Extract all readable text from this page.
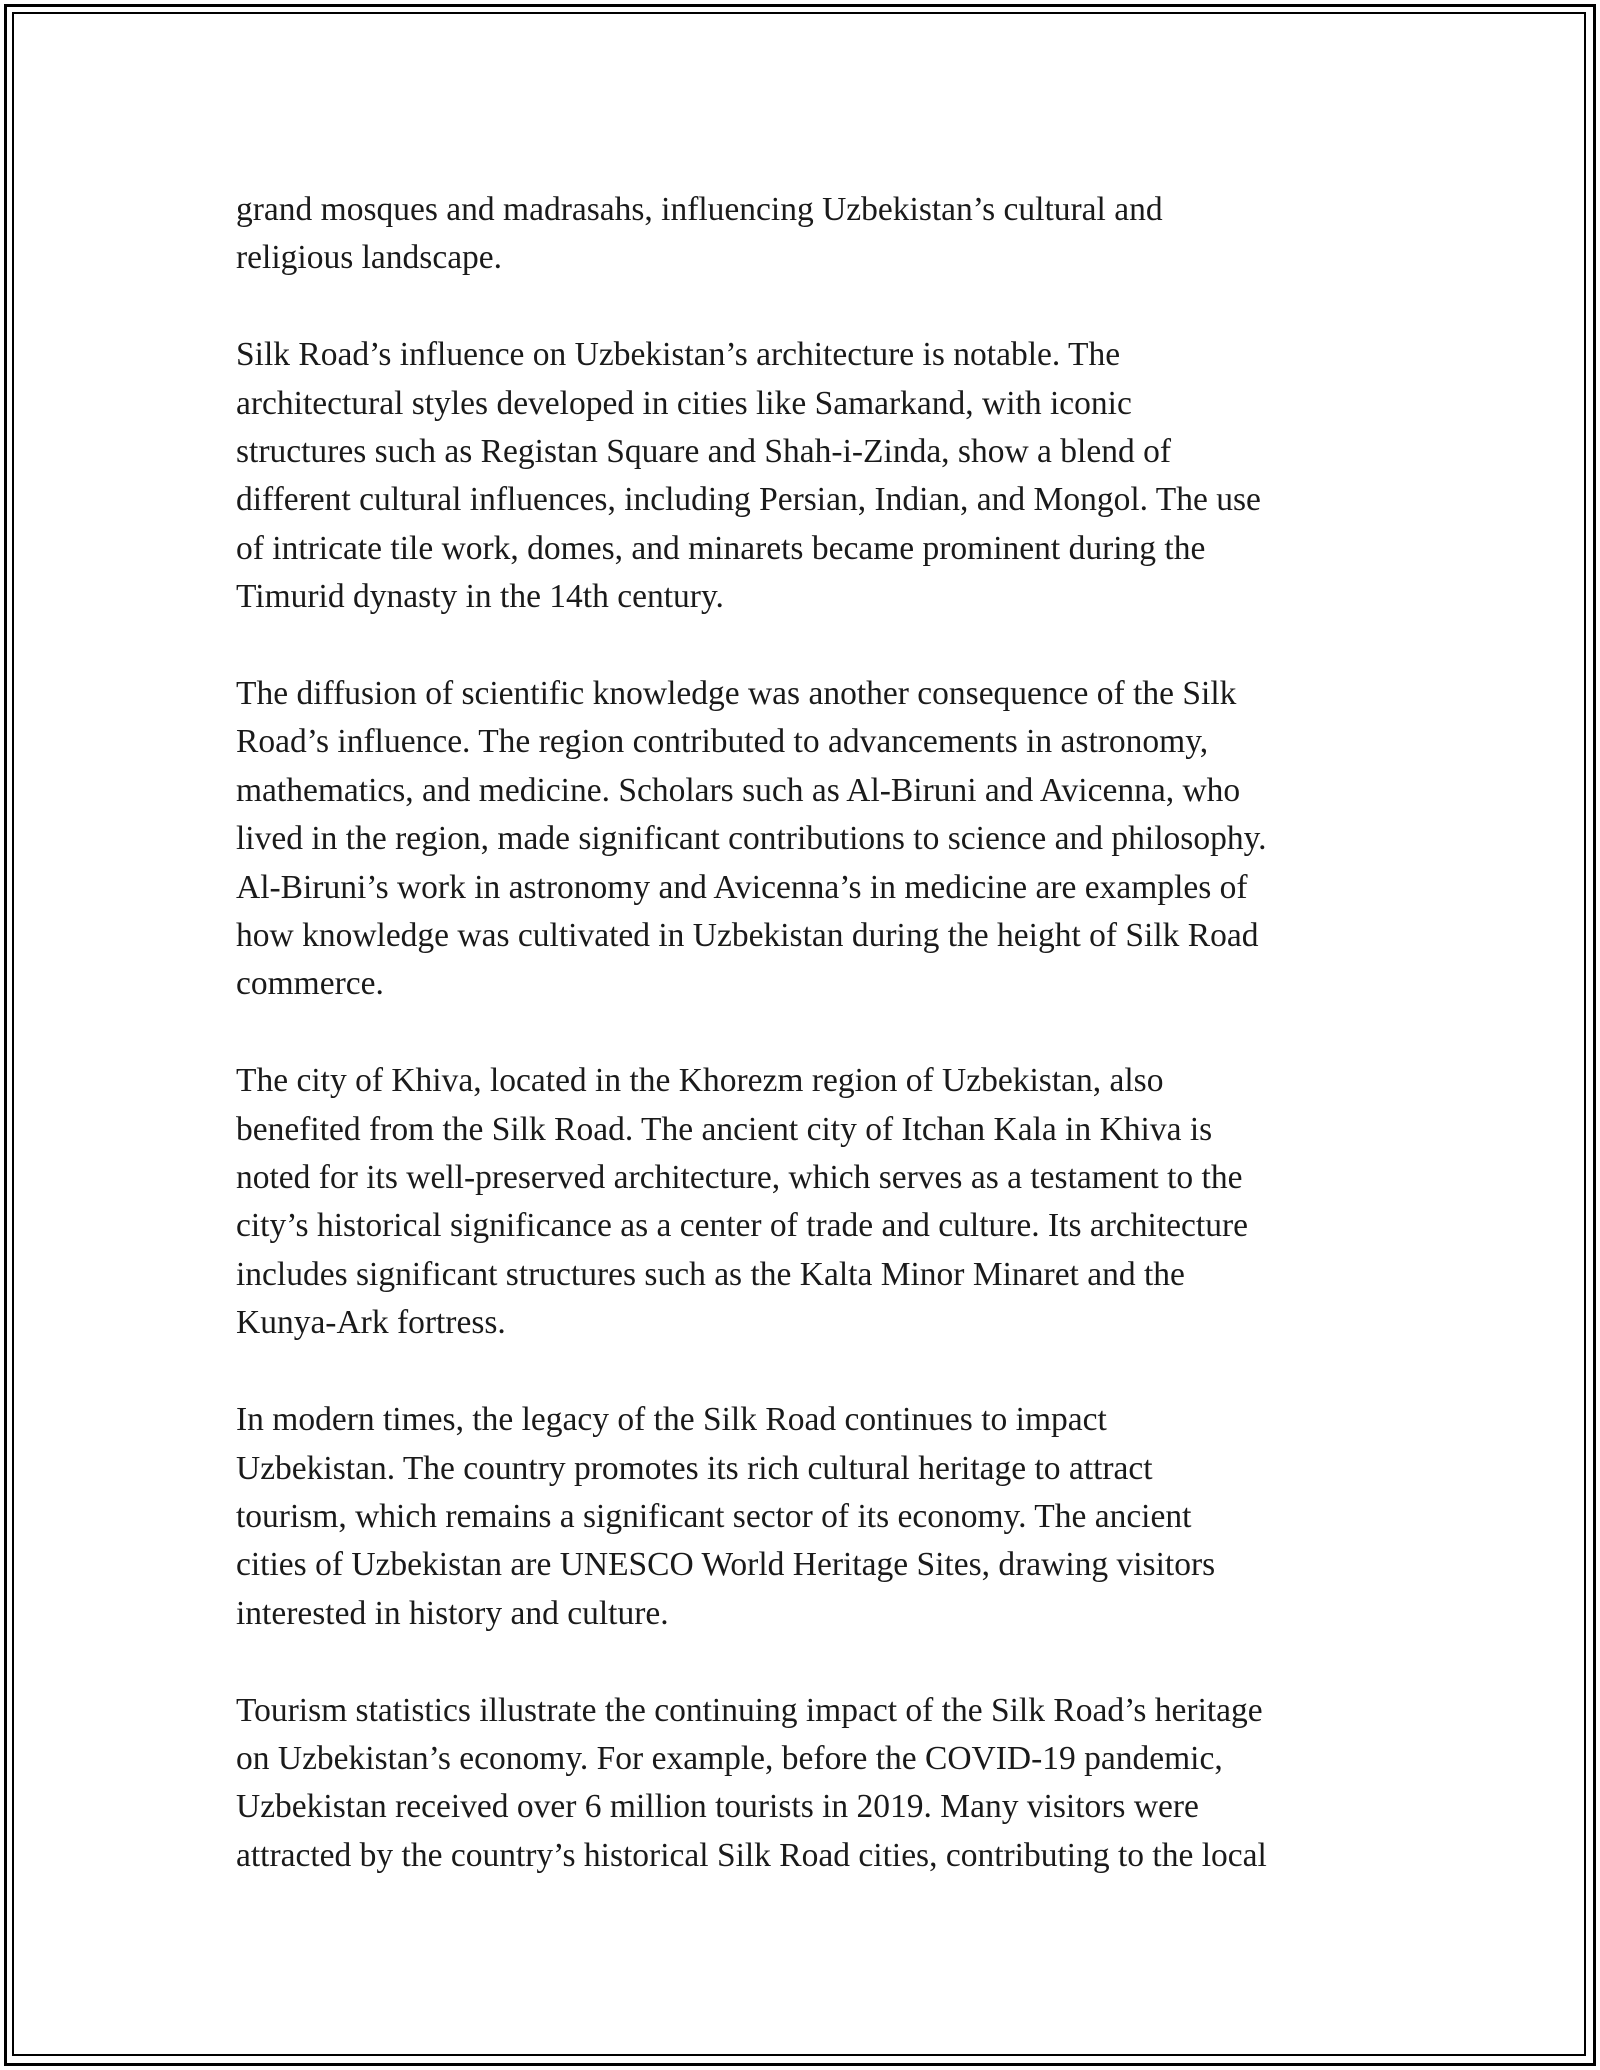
grand mosques and madrasahs, influencing Uzbekistan’s cultural and
religious landscape.

Silk Road’s influence on Uzbekistan’s architecture is notable. The
architectural styles developed in cities like Samarkand, with iconic
structures such as Registan Square and Shah-i-Zinda, show a blend of
different cultural influences, including Persian, Indian, and Mongol. The use
of intricate tile work, domes, and minarets became prominent during the
Timurid dynasty in the 14th century.

The diffusion of scientific knowledge was another consequence of the Silk
Road’s influence. The region contributed to advancements in astronomy,
mathematics, and medicine. Scholars such as Al-Biruni and Avicenna, who
lived in the region, made significant contributions to science and philosophy.
Al-Biruni’s work in astronomy and Avicenna’s in medicine are examples of
how knowledge was cultivated in Uzbekistan during the height of Silk Road
commerce.

The city of Khiva, located in the Khorezm region of Uzbekistan, also
benefited from the Silk Road. The ancient city of Itchan Kala in Khiva is
noted for its well-preserved architecture, which serves as a testament to the
city’s historical significance as a center of trade and culture. Its architecture
includes significant structures such as the Kalta Minor Minaret and the
Kunya-Ark fortress.

In modern times, the legacy of the Silk Road continues to impact
Uzbekistan. The country promotes its rich cultural heritage to attract
tourism, which remains a significant sector of its economy. The ancient
cities of Uzbekistan are UNESCO World Heritage Sites, drawing visitors
interested in history and culture.

Tourism statistics illustrate the continuing impact of the Silk Road’s heritage
on Uzbekistan’s economy. For example, before the COVID-19 pandemic,
Uzbekistan received over 6 million tourists in 2019. Many visitors were
attracted by the country’s historical Silk Road cities, contributing to the local
